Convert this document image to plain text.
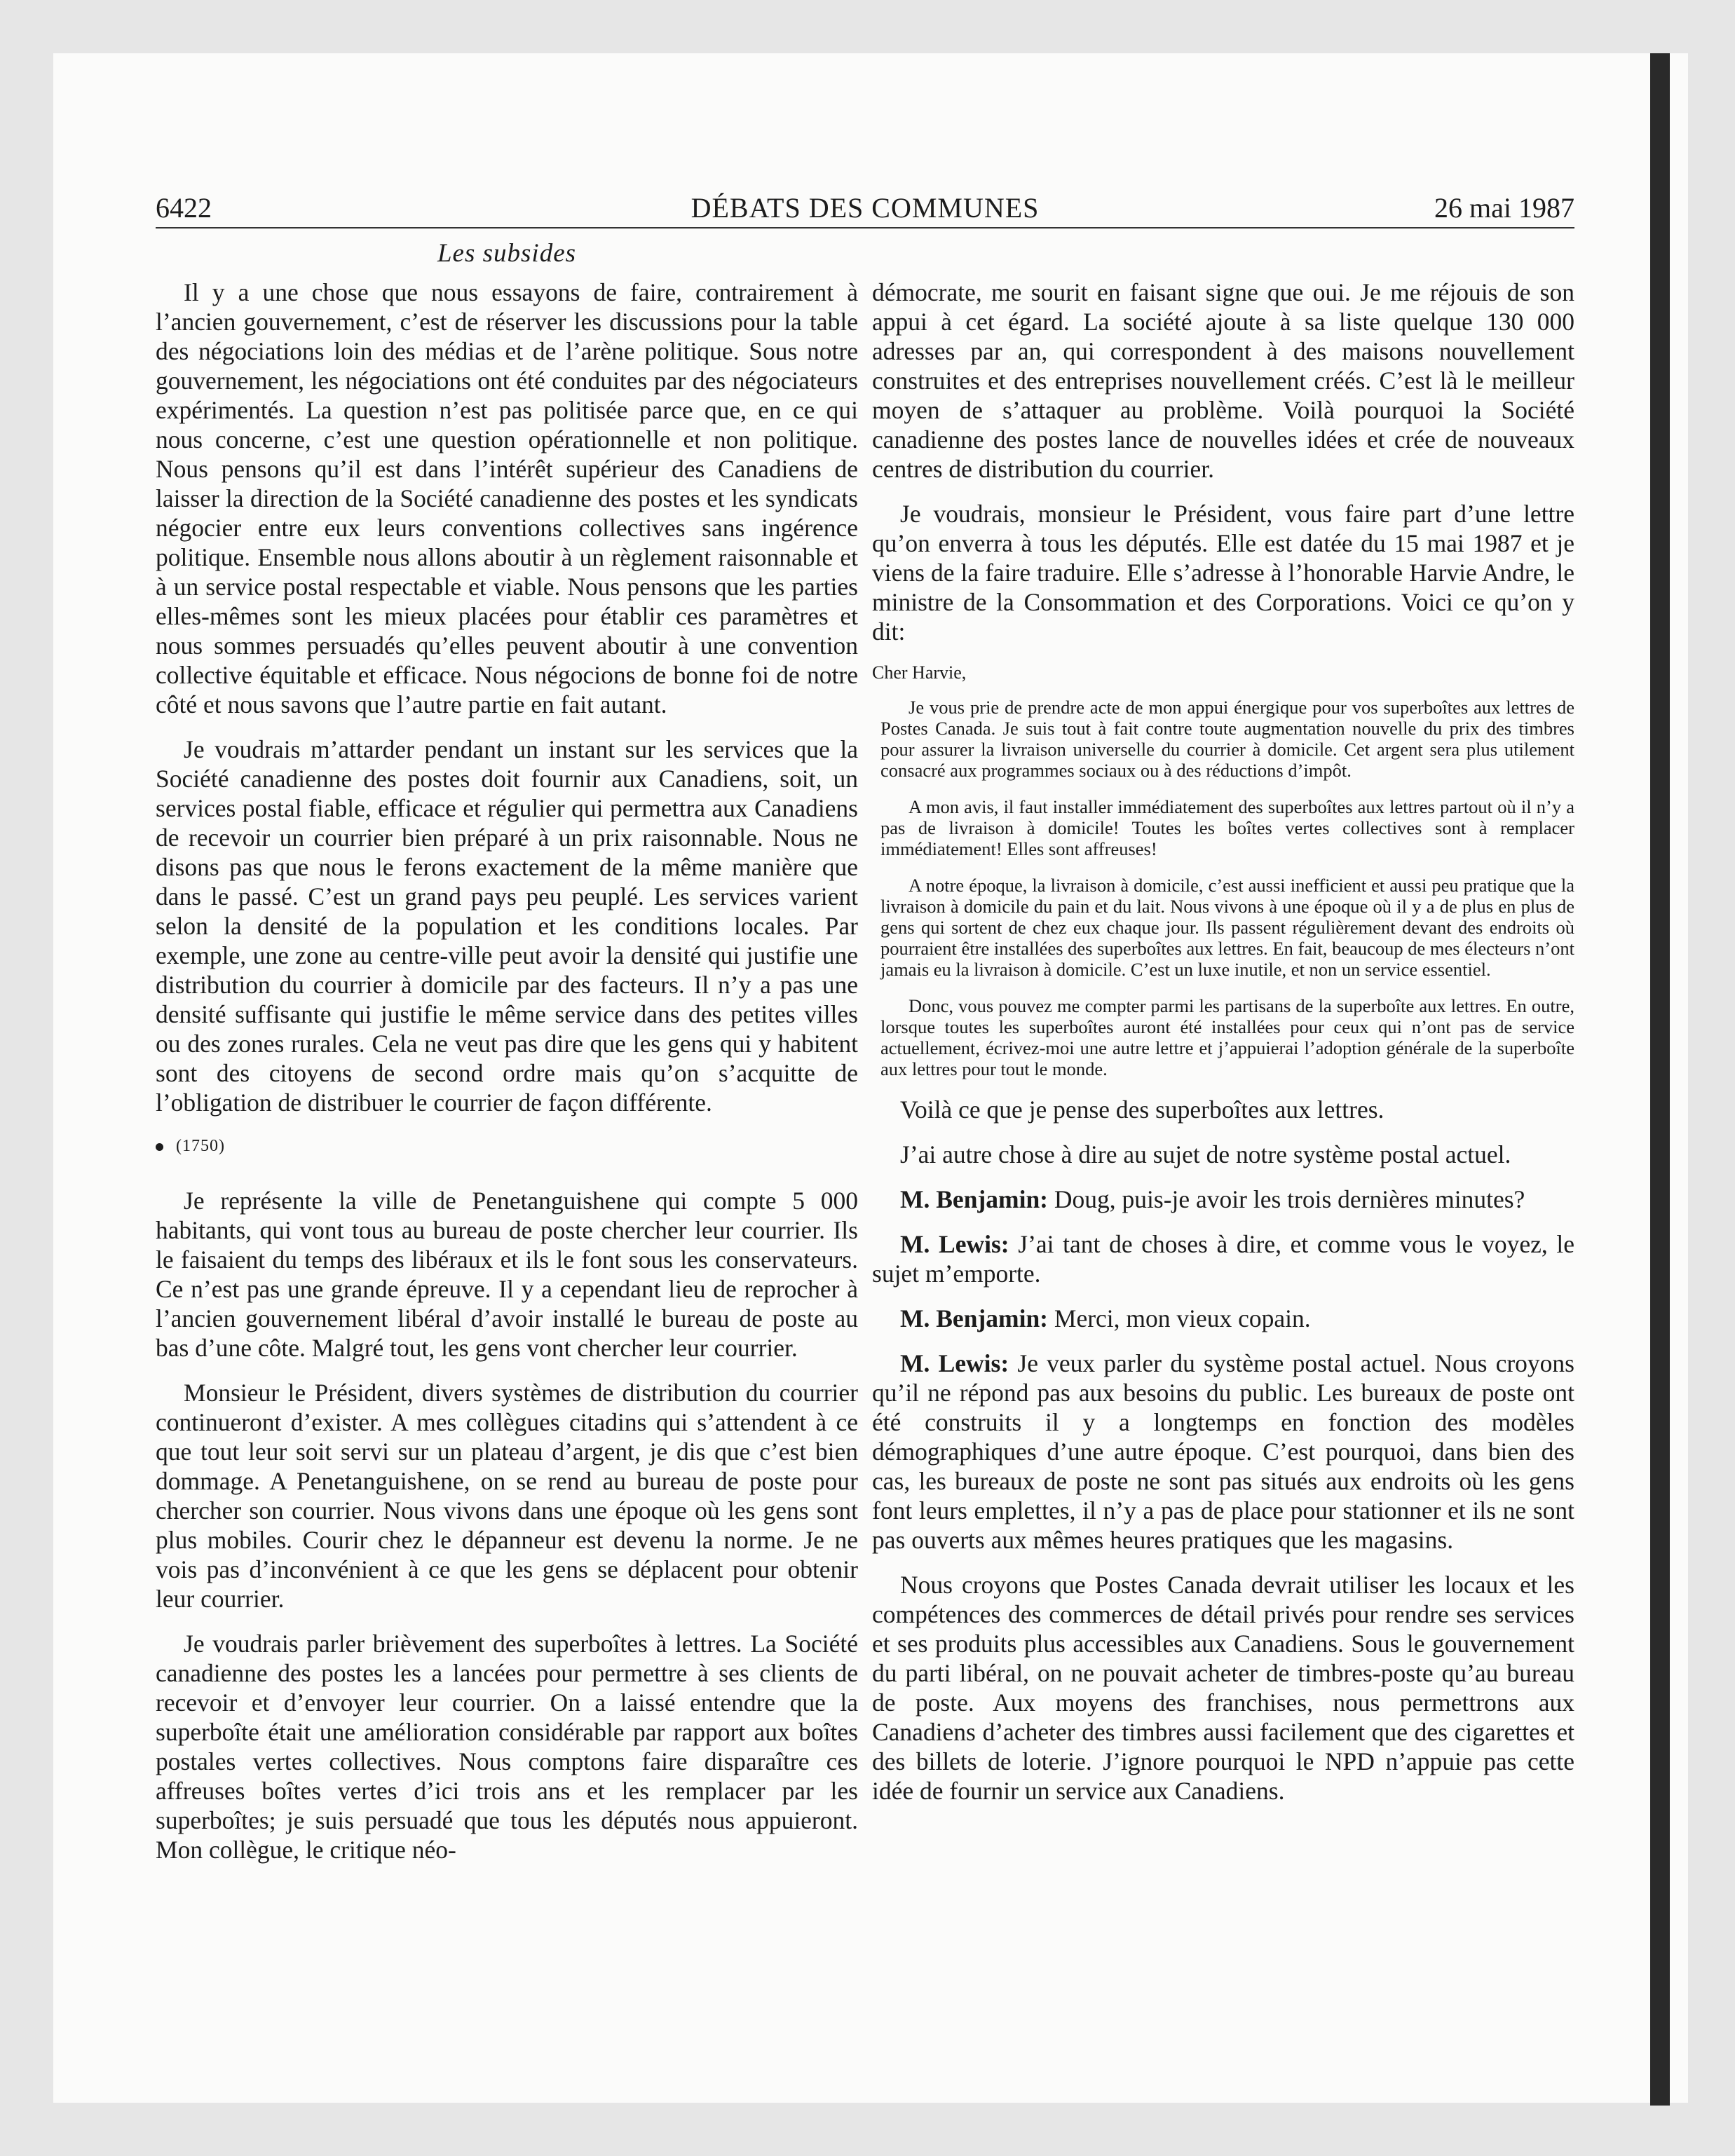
6422	DÉBATS DES COMMUNES	26 mai 1987
Les subsides

Il y a une chose que nous essayons de faire, contrairement à l’ancien gouvernement, c’est de réserver les discussions pour la table des négociations loin des médias et de l’arène politique. Sous notre gouvernement, les négociations ont été conduites par des négociateurs expérimentés. La question n’est pas politisée parce que, en ce qui nous concerne, c’est une question opérationnelle et non politique. Nous pensons qu’il est dans l’intérêt supérieur des Canadiens de laisser la direction de la Société canadienne des postes et les syndicats négocier entre eux leurs conventions collectives sans ingérence politique. Ensemble nous allons aboutir à un règlement raisonnable et à un service postal respectable et viable. Nous pensons que les parties elles-mêmes sont les mieux placées pour établir ces paramètres et nous sommes persuadés qu’elles peuvent aboutir à une convention collective équitable et efficace. Nous négocions de bonne foi de notre côté et nous savons que l’autre partie en fait autant.

Je voudrais m’attarder pendant un instant sur les services que la Société canadienne des postes doit fournir aux Canadiens, soit, un services postal fiable, efficace et régulier qui permettra aux Canadiens de recevoir un courrier bien préparé à un prix raisonnable. Nous ne disons pas que nous le ferons exactement de la même manière que dans le passé. C’est un grand pays peu peuplé. Les services varient selon la densité de la population et les conditions locales. Par exemple, une zone au centre-ville peut avoir la densité qui justifie une distribution du courrier à domicile par des facteurs. Il n’y a pas une densité suffisante qui justifie le même service dans des petites villes ou des zones rurales. Cela ne veut pas dire que les gens qui y habitent sont des citoyens de second ordre mais qu’on s’acquitte de l’obligation de distribuer le courrier de façon différente.

(1750)

Je représente la ville de Penetanguishene qui compte 5 000 habitants, qui vont tous au bureau de poste chercher leur courrier. Ils le faisaient du temps des libéraux et ils le font sous les conservateurs. Ce n’est pas une grande épreuve. Il y a cependant lieu de reprocher à l’ancien gouvernement libéral d’avoir installé le bureau de poste au bas d’une côte. Malgré tout, les gens vont chercher leur courrier.

Monsieur le Président, divers systèmes de distribution du courrier continueront d’exister. A mes collègues citadins qui s’attendent à ce que tout leur soit servi sur un plateau d’argent, je dis que c’est bien dommage. A Penetanguishene, on se rend au bureau de poste pour chercher son courrier. Nous vivons dans une époque où les gens sont plus mobiles. Courir chez le dépanneur est devenu la norme. Je ne vois pas d’inconvénient à ce que les gens se déplacent pour obtenir leur courrier.

Je voudrais parler brièvement des superboîtes à lettres. La Société canadienne des postes les a lancées pour permettre à ses clients de recevoir et d’envoyer leur courrier. On a laissé entendre que la superboîte était une amélioration considérable par rapport aux boîtes postales vertes collectives. Nous comptons faire disparaître ces affreuses boîtes vertes d’ici trois ans et les remplacer par les superboîtes; je suis persuadé que tous les députés nous appuieront. Mon collègue, le critique néo-

démocrate, me sourit en faisant signe que oui. Je me réjouis de son appui à cet égard. La société ajoute à sa liste quelque 130 000 adresses par an, qui correspondent à des maisons nouvellement construites et des entreprises nouvellement créés. C’est là le meilleur moyen de s’attaquer au problème. Voilà pourquoi la Société canadienne des postes lance de nouvelles idées et crée de nouveaux centres de distribution du courrier.

Je voudrais, monsieur le Président, vous faire part d’une lettre qu’on enverra à tous les députés. Elle est datée du 15 mai 1987 et je viens de la faire traduire. Elle s’adresse à l’honorable Harvie Andre, le ministre de la Consommation et des Corporations. Voici ce qu’on y dit:

Cher Harvie,

Je vous prie de prendre acte de mon appui énergique pour vos superboîtes aux lettres de Postes Canada. Je suis tout à fait contre toute augmentation nouvelle du prix des timbres pour assurer la livraison universelle du courrier à domicile. Cet argent sera plus utilement consacré aux programmes sociaux ou à des réductions d’impôt.

A mon avis, il faut installer immédiatement des superboîtes aux lettres partout où il n’y a pas de livraison à domicile! Toutes les boîtes vertes collectives sont à remplacer immédiatement! Elles sont affreuses!

A notre époque, la livraison à domicile, c’est aussi inefficient et aussi peu pratique que la livraison à domicile du pain et du lait. Nous vivons à une époque où il y a de plus en plus de gens qui sortent de chez eux chaque jour. Ils passent régulièrement devant des endroits où pourraient être installées des superboîtes aux lettres. En fait, beaucoup de mes électeurs n’ont jamais eu la livraison à domicile. C’est un luxe inutile, et non un service essentiel.

Donc, vous pouvez me compter parmi les partisans de la superboîte aux lettres. En outre, lorsque toutes les superboîtes auront été installées pour ceux qui n’ont pas de service actuellement, écrivez-moi une autre lettre et j’appuierai l’adoption générale de la superboîte aux lettres pour tout le monde.

Voilà ce que je pense des superboîtes aux lettres.

J’ai autre chose à dire au sujet de notre système postal actuel.

M. Benjamin: Doug, puis-je avoir les trois dernières minutes?

M. Lewis: J’ai tant de choses à dire, et comme vous le voyez, le sujet m’emporte.

M. Benjamin: Merci, mon vieux copain.

M. Lewis: Je veux parler du système postal actuel. Nous croyons qu’il ne répond pas aux besoins du public. Les bureaux de poste ont été construits il y a longtemps en fonction des modèles démographiques d’une autre époque. C’est pourquoi, dans bien des cas, les bureaux de poste ne sont pas situés aux endroits où les gens font leurs emplettes, il n’y a pas de place pour stationner et ils ne sont pas ouverts aux mêmes heures pratiques que les magasins.

Nous croyons que Postes Canada devrait utiliser les locaux et les compétences des commerces de détail privés pour rendre ses services et ses produits plus accessibles aux Canadiens. Sous le gouvernement du parti libéral, on ne pouvait acheter de timbres-poste qu’au bureau de poste. Aux moyens des franchises, nous permettrons aux Canadiens d’acheter des timbres aussi facilement que des cigarettes et des billets de loterie. J’ignore pourquoi le NPD n’appuie pas cette idée de fournir un service aux Canadiens.
